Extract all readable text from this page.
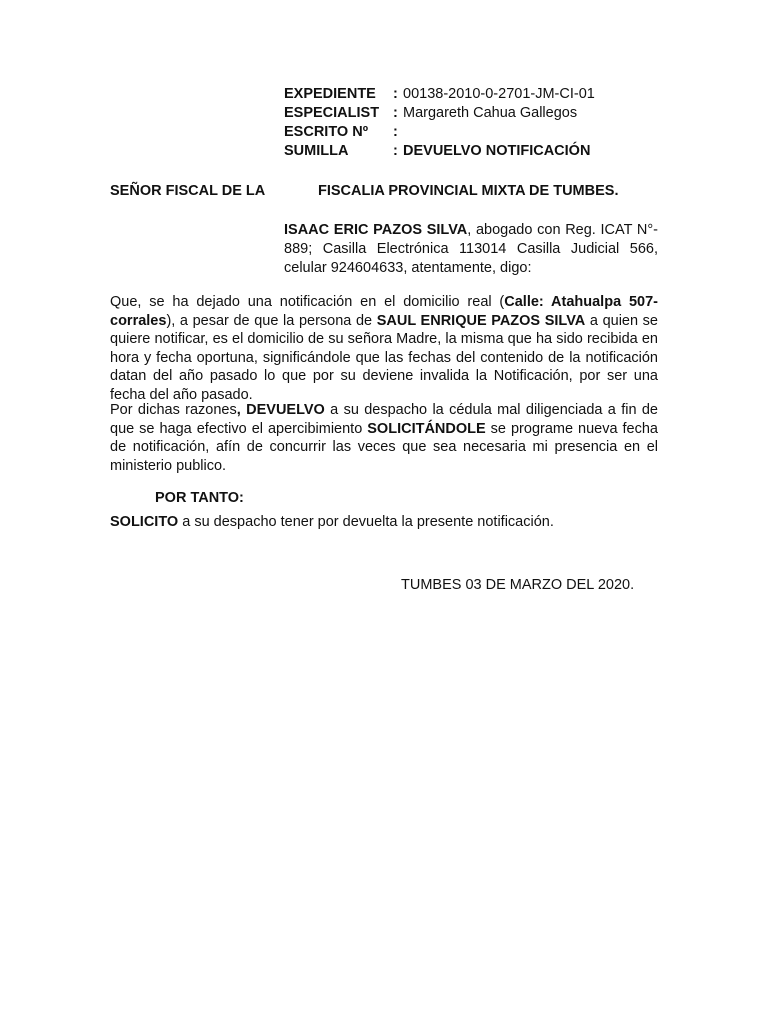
EXPEDIENTE	: 00138-2010-0-2701-JM-CI-01
ESPECIALIST : Margareth Cahua Gallegos
ESCRITO Nº	:
SUMILLA	: DEVUELVO NOTIFICACIÓN
SEÑOR FISCAL DE LA	FISCALIA PROVINCIAL MIXTA DE TUMBES.
ISAAC ERIC PAZOS SILVA, abogado con Reg. ICAT N°- 889; Casilla Electrónica 113014 Casilla Judicial 566, celular 924604633, atentamente, digo:
Que, se ha dejado una notificación en el domicilio real (Calle: Atahualpa 507-corrales), a pesar de que la persona de SAUL ENRIQUE PAZOS SILVA a quien se quiere notificar, es el domicilio de su señora Madre, la misma que ha sido recibida en hora y fecha oportuna, significándole que las fechas del contenido de la notificación datan del año pasado lo que por su deviene invalida la Notificación, por ser una fecha del año pasado.
Por dichas razones, DEVUELVO a su despacho la cédula mal diligenciada a fin de que se haga efectivo el apercibimiento SOLICITÁNDOLE se programe nueva fecha de notificación, afín de concurrir las veces que sea necesaria mi presencia en el ministerio publico.
POR TANTO:
SOLICITO a su despacho tener por devuelta la presente notificación.
TUMBES 03 DE MARZO DEL 2020.
